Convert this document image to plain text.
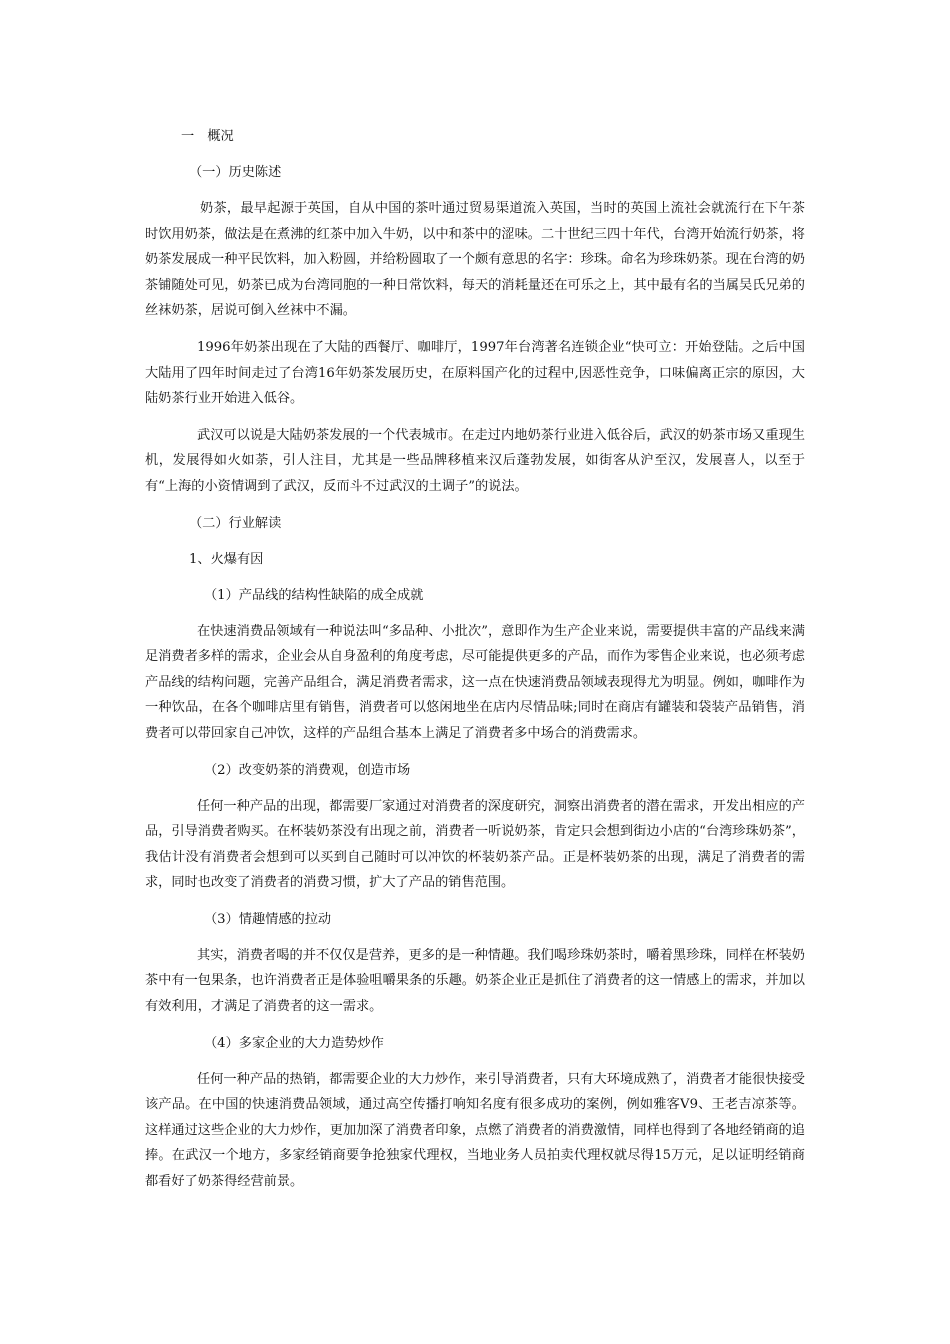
一　概况

（一）历史陈述

奶茶，最早起源于英国，自从中国的茶叶通过贸易渠道流入英国，当时的英国上流社会就流行在下午茶时饮用奶茶，做法是在煮沸的红茶中加入牛奶，以中和茶中的涩味。二十世纪三四十年代，台湾开始流行奶茶，将奶茶发展成一种平民饮料，加入粉圆，并给粉圆取了一个颇有意思的名字：珍珠。命名为珍珠奶茶。现在台湾的奶茶铺随处可见，奶茶已成为台湾同胞的一种日常饮料，每天的消耗量还在可乐之上，其中最有名的当属吴氏兄弟的丝袜奶茶，居说可倒入丝袜中不漏。

1996年奶茶出现在了大陆的西餐厅、咖啡厅，1997年台湾著名连锁企业“快可立：开始登陆。之后中国大陆用了四年时间走过了台湾16年奶茶发展历史，在原料国产化的过程中,因恶性竞争，口味偏离正宗的原因，大陆奶茶行业开始进入低谷。

武汉可以说是大陆奶茶发展的一个代表城市。在走过内地奶茶行业进入低谷后，武汉的奶茶市场又重现生机，发展得如火如荼，引人注目，尤其是一些品牌移植来汉后蓬勃发展，如街客从沪至汉，发展喜人，以至于有“上海的小资情调到了武汉，反而斗不过武汉的土调子”的说法。

（二）行业解读

1、火爆有因

（1）产品线的结构性缺陷的成全成就

在快速消费品领域有一种说法叫“多品种、小批次”，意即作为生产企业来说，需要提供丰富的产品线来满足消费者多样的需求，企业会从自身盈利的角度考虑，尽可能提供更多的产品，而作为零售企业来说，也必须考虑产品线的结构问题，完善产品组合，满足消费者需求，这一点在快速消费品领域表现得尤为明显。例如，咖啡作为一种饮品，在各个咖啡店里有销售，消费者可以悠闲地坐在店内尽情品味;同时在商店有罐装和袋装产品销售，消费者可以带回家自己冲饮，这样的产品组合基本上满足了消费者多中场合的消费需求。

（2）改变奶茶的消费观，创造市场

任何一种产品的出现，都需要厂家通过对消费者的深度研究，洞察出消费者的潜在需求，开发出相应的产品，引导消费者购买。在杯装奶茶没有出现之前，消费者一听说奶茶，肯定只会想到街边小店的“台湾珍珠奶茶”，我估计没有消费者会想到可以买到自己随时可以冲饮的杯装奶茶产品。正是杯装奶茶的出现，满足了消费者的需求，同时也改变了消费者的消费习惯，扩大了产品的销售范围。

（3）情趣情感的拉动

其实，消费者喝的并不仅仅是营养，更多的是一种情趣。我们喝珍珠奶茶时，嚼着黑珍珠，同样在杯装奶茶中有一包果条，也许消费者正是体验咀嚼果条的乐趣。奶茶企业正是抓住了消费者的这一情感上的需求，并加以有效利用，才满足了消费者的这一需求。

（4）多家企业的大力造势炒作

任何一种产品的热销，都需要企业的大力炒作，来引导消费者，只有大环境成熟了，消费者才能很快接受该产品。在中国的快速消费品领域，通过高空传播打响知名度有很多成功的案例，例如雅客V9、王老吉凉茶等。这样通过这些企业的大力炒作，更加加深了消费者印象，点燃了消费者的消费激情，同样也得到了各地经销商的追捧。在武汉一个地方，多家经销商要争抢独家代理权，当地业务人员拍卖代理权就尽得15万元，足以证明经销商都看好了奶茶得经营前景。
